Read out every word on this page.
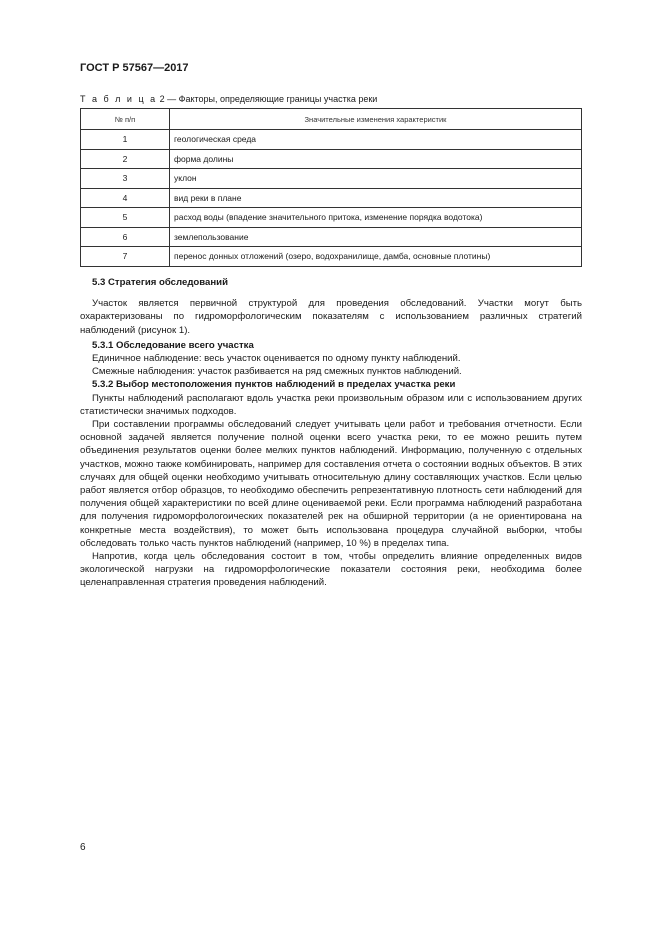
ГОСТ Р 57567—2017
Т а б л и ц а 2 — Факторы, определяющие границы участка реки
№ п/п	Значительные изменения характеристик
1	геологическая среда
2	форма долины
3	уклон
4	вид реки в плане
5	расход воды (впадение значительного притока, изменение порядка водотока)
6	землепользование
7	перенос донных отложений (озеро, водохранилище, дамба, основные плотины)
5.3 Стратегия обследований

Участок является первичной структурой для проведения обследований. Участки могут быть охарактеризованы по гидроморфологическим показателям с использованием различных стратегий наблюдений (рисунок 1).

5.3.1 Обследование всего участка

Единичное наблюдение: весь участок оценивается по одному пункту наблюдений.

Смежные наблюдения: участок разбивается на ряд смежных пунктов наблюдений.

5.3.2 Выбор местоположения пунктов наблюдений в пределах участка реки

Пункты наблюдений располагают вдоль участка реки произвольным образом или с использованием других статистически значимых подходов.

При составлении программы обследований следует учитывать цели работ и требования отчетности. Если основной задачей является получение полной оценки всего участка реки, то ее можно решить путем объединения результатов оценки более мелких пунктов наблюдений. Информацию, полученную с отдельных участков, можно также комбинировать, например для составления отчета о состоянии водных объектов. В этих случаях для общей оценки необходимо учитывать относительную длину составляющих участков. Если целью работ является отбор образцов, то необходимо обеспечить репрезентативную плотность сети наблюдений для получения общей характеристики по всей длине оцениваемой реки. Если программа наблюдений разработана для получения гидроморфологоических показателей рек на обширной территории (а не ориентирована на конкретные места воздействия), то может быть использована процедура случайной выборки, чтобы обследовать только часть пунктов наблюдений (например, 10 %) в пределах типа.

Напротив, когда цель обследования состоит в том, чтобы определить влияние определенных видов экологической нагрузки на гидроморфологические показатели состояния реки, необходима более целенаправленная стратегия проведения наблюдений.

6
